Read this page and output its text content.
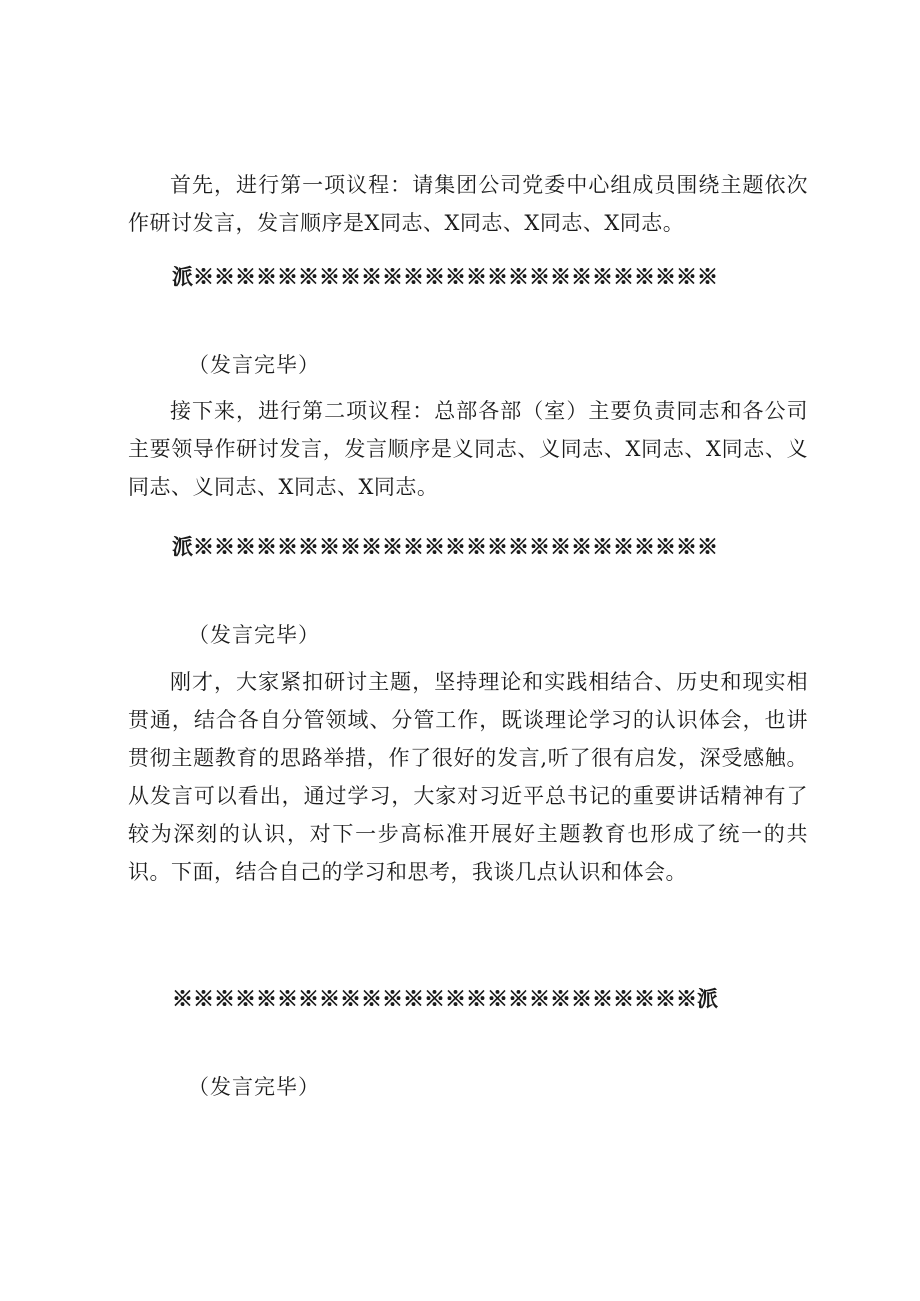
首先，进行第一项议程：请集团公司党委中心组成员围绕主题依次作研讨发言，发言顺序是X同志、X同志、X同志、X同志。

派※※※※※※※※※※※※※※※※※※※※※※※※※
（发言完毕）

接下来，进行第二项议程：总部各部（室）主要负责同志和各公司主要领导作研讨发言，发言顺序是义同志、义同志、X同志、X同志、义同志、义同志、X同志、X同志。

派※※※※※※※※※※※※※※※※※※※※※※※※※
（发言完毕）

刚才，大家紧扣研讨主题，坚持理论和实践相结合、历史和现实相贯通，结合各自分管领域、分管工作，既谈理论学习的认识体会，也讲贯彻主题教育的思路举措，作了很好的发言,听了很有启发，深受感触。从发言可以看出，通过学习，大家对习近平总书记的重要讲话精神有了较为深刻的认识，对下一步高标准开展好主题教育也形成了统一的共识。下面，结合自己的学习和思考，我谈几点认识和体会。

※※※※※※※※※※※※※※※※※※※※※※※※※派
（发言完毕）
